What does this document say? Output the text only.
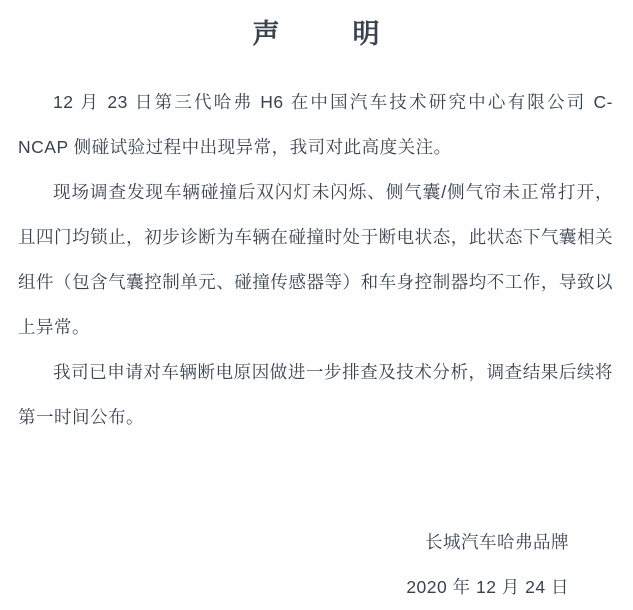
声	明

12 月 23 日第三代哈弗 H6 在中国汽车技术研究中心有限公司 C-NCAP 侧碰试验过程中出现异常，我司对此高度关注。

现场调查发现车辆碰撞后双闪灯未闪烁、侧气囊/侧气帘未正常打开，且四门均锁止，初步诊断为车辆在碰撞时处于断电状态，此状态下气囊相关组件（包含气囊控制单元、碰撞传感器等）和车身控制器均不工作，导致以上异常。

我司已申请对车辆断电原因做进一步排查及技术分析，调查结果后续将第一时间公布。

长城汽车哈弗品牌
2020 年 12 月 24 日
